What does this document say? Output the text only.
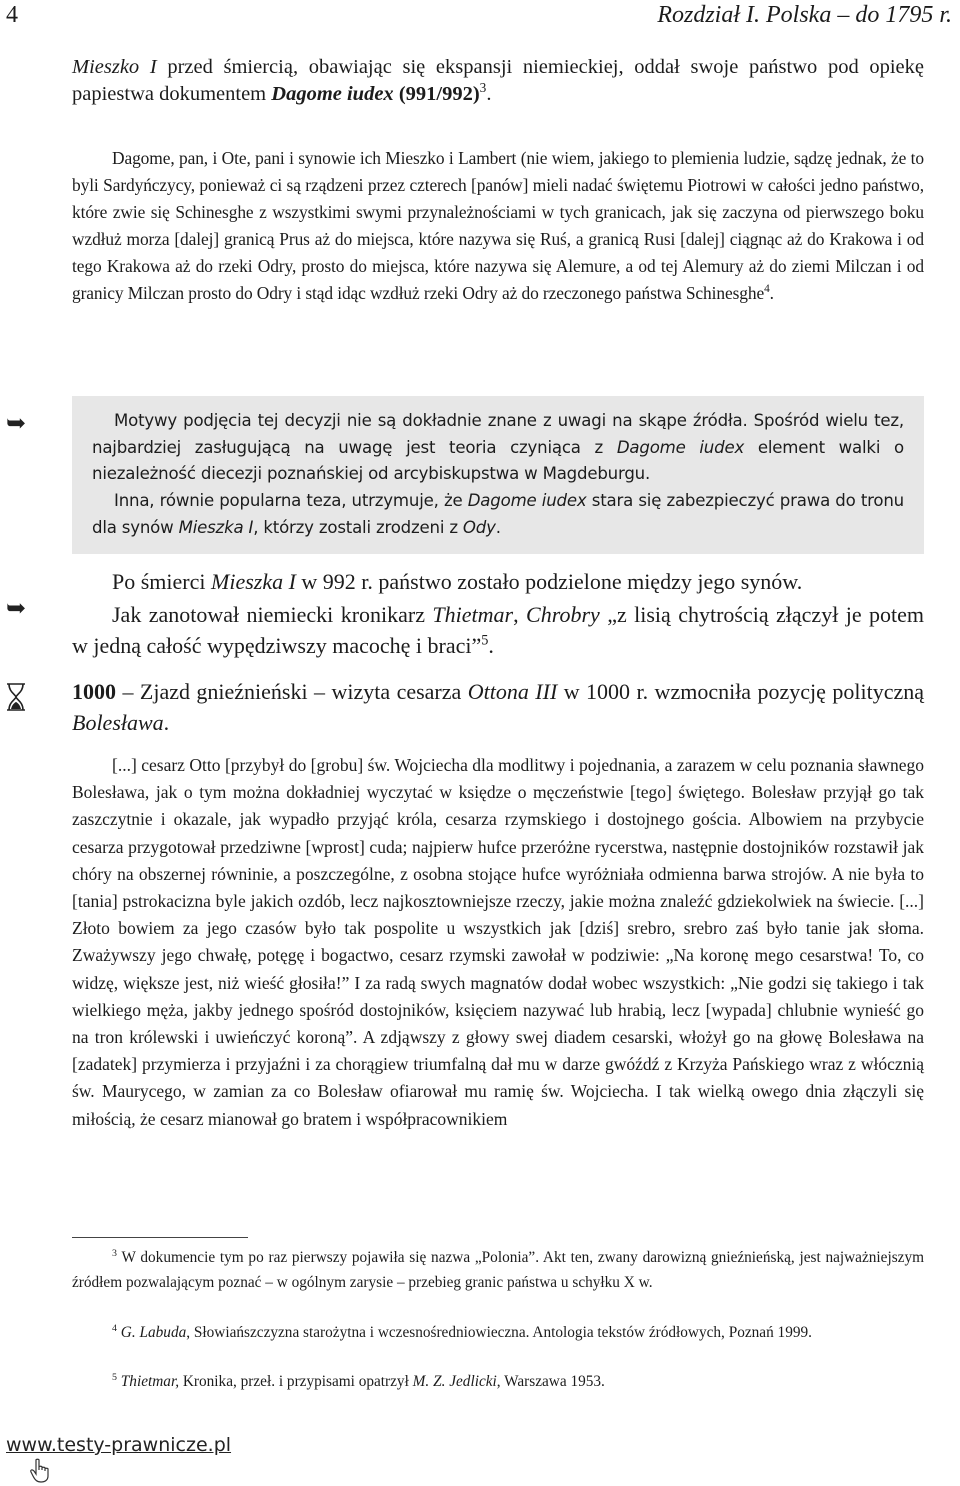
4	Rozdział I. Polska – do 1795 r.

Mieszko I przed śmiercią, obawiając się ekspansji niemieckiej, oddał swoje państwo pod opiekę papiestwa dokumentem Dagome iudex $(991/992)^3$.

Dagome, pan, i Ote, pani i synowie ich Mieszko i Lambert (nie wiem, jakiego to plemienia ludzie, sądzę jednak, że to byli Sardyńczycy, ponieważ ci są rządzeni przez czterech [panów] mieli nadać świętemu Piotrowi w całości jedno państwo, które zwie się Schinesghe z wszystkimi swymi przynależnościami w tych granicach, jak się zaczyna od pierwszego boku wzdłuż morza [dalej] granicą Prus aż do miejsca, które nazywa się Ruś, a granicą Rusi [dalej] ciągnąc aż do Krakowa i od tego Krakowa aż do rzeki Odry, prosto do miejsca, które nazywa się Alemure, a od tej Alemury aż do ziemi Milczan i od granicy Milczan prosto do Odry i stąd idąc wzdłuż rzeki Odry aż do rzeczonego państwa Schinesghe$^4$.

➥	Motywy podjęcia tej decyzji nie są dokładnie znane z uwagi na skąpe źródła. Spośród wielu tez, najbardziej zasługującą na uwagę jest teoria czyniąca z Dagome iudex element walki o niezależność diecezji poznańskiej od arcybiskupstwa w Magdeburgu.

Inna, równie popularna teza, utrzymuje, że Dagome iudex stara się zabezpieczyć prawa do tronu dla synów Mieszka I, którzy zostali zrodzeni z Ody.

Po śmierci Mieszka I w 992 r. państwo zostało podzielone między jego synów.

➥	Jak zanotował niemiecki kronikarz Thietmar, Chrobry „z lisią chytrością złączył je potem w jedną całość wypędziwszy macochę i braci”$^5$.

1000 – Zjazd gnieźnieński – wizyta cesarza Ottona III w 1000 r. wzmocniła pozycję polityczną Bolesława.

[...] cesarz Otto [przybył do [grobu] św. Wojciecha dla modlitwy i pojednania, a zarazem w celu poznania sławnego Bolesława, jak o tym można dokładniej wyczytać w księdze o męczeństwie [tego] świętego. Bolesław przyjął go tak zaszczytnie i okazale, jak wypadło przyjąć króla, cesarza rzymskiego i dostojnego gościa. Albowiem na przybycie cesarza przygotował przedziwne [wprost] cuda; najpierw hufce przeróżne rycerstwa, następnie dostojników rozstawił jak chóry na obszernej równinie, a poszczególne, z osobna stojące hufce wyróżniała odmienna barwa strojów. A nie była to [tania] pstrokacizna byle jakich ozdób, lecz najkosztowniejsze rzeczy, jakie można znaleźć gdziekolwiek na świecie. [...] Złoto bowiem za jego czasów było tak pospolite u wszystkich jak [dziś] srebro, srebro zaś było tanie jak słoma. Zważywszy jego chwałę, potęgę i bogactwo, cesarz rzymski zawołał w podziwie: „Na koronę mego cesarstwa! To, co widzę, większe jest, niż wieść głosiła!” I za radą swych magnatów dodał wobec wszystkich: „Nie godzi się takiego i tak wielkiego męża, jakby jednego spośród dostojników, księciem nazywać lub hrabią, lecz [wypada] chlubnie wynieść go na tron królewski i uwieńczyć koroną”. A zdjąwszy z głowy swej diadem cesarski, włożył go na głowę Bolesława na [zadatek] przymierza i przyjaźni i za chorągiew triumfalną dał mu w darze gwóźdź z Krzyża Pańskiego wraz z włócznią św. Maurycego, w zamian za co Bolesław ofiarował mu ramię św. Wojciecha. I tak wielką owego dnia złączyli się miłością, że cesarz mianował go bratem i współpracownikiem

$^3$ W dokumencie tym po raz pierwszy pojawiła się nazwa „Polonia”. Akt ten, zwany darowizną gnieźnieńską, jest najważniejszym źródłem pozwalającym poznać – w ogólnym zarysie – przebieg granic państwa u schyłku X w.

$^4$ G. Labuda, Słowiańszczyzna starożytna i wczesnośredniowieczna. Antologia tekstów źródłowych, Poznań 1999.

$^5$ Thietmar, Kronika, przeł. i przypisami opatrzył M. Z. Jedlicki, Warszawa 1953.

www.testy-prawnicze.pl
